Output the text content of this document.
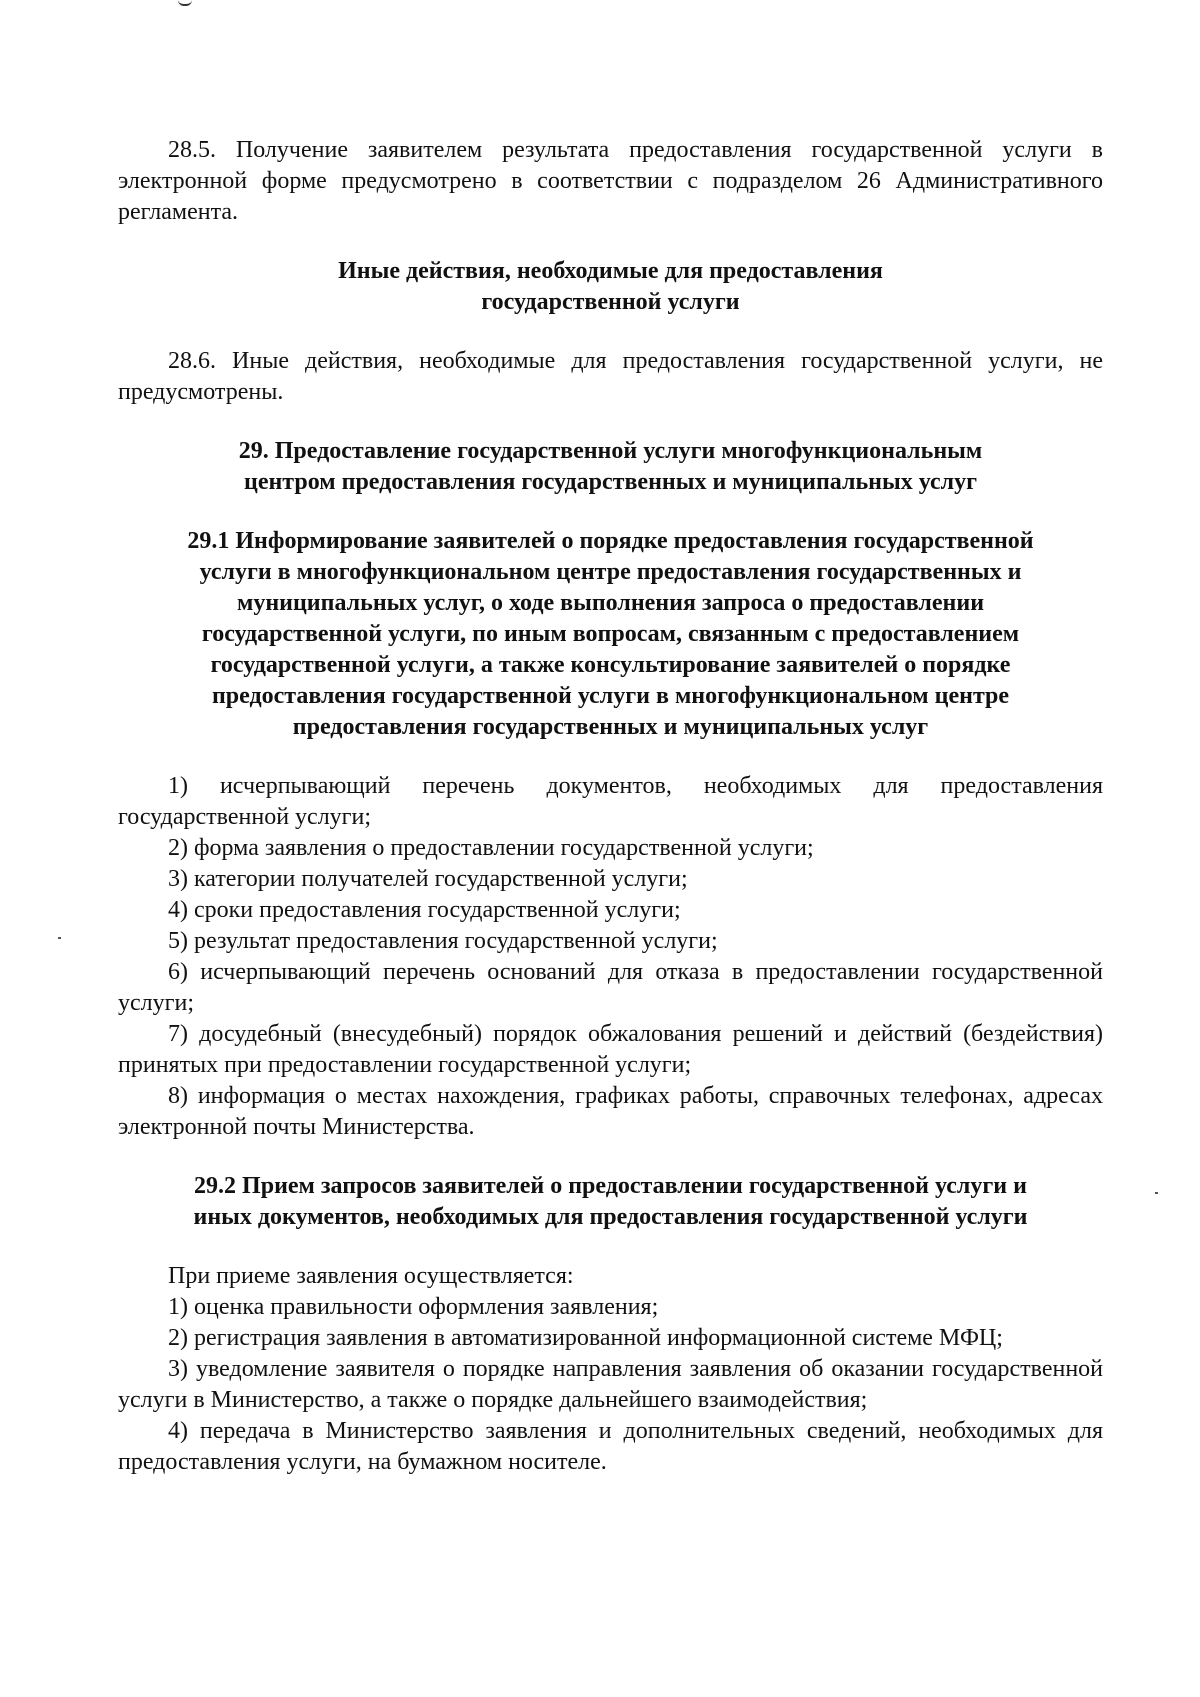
28.5. Получение заявителем результата предоставления государственной услуги в электронной форме предусмотрено в соответствии с подразделом 26 Административного регламента.

Иные действия, необходимые для предоставления
государственной услуги

28.6. Иные действия, необходимые для предоставления государственной услуги, не предусмотрены.

29. Предоставление государственной услуги многофункциональным
центром предоставления государственных и муниципальных услуг
29.1 Информирование заявителей о порядке предоставления государственной
услуги в многофункциональном центре предоставления государственных и
муниципальных услуг, о ходе выполнения запроса о предоставлении
государственной услуги, по иным вопросам, связанным с предоставлением
государственной услуги, а также консультирование заявителей о порядке
предоставления государственной услуги в многофункциональном центре
предоставления государственных и муниципальных услуг

1) исчерпывающий перечень документов, необходимых для предоставления государственной услуги;

2) форма заявления о предоставлении государственной услуги;

3) категории получателей государственной услуги;

4) сроки предоставления государственной услуги;

5) результат предоставления государственной услуги;

6) исчерпывающий перечень оснований для отказа в предоставлении государственной услуги;

7) досудебный (внесудебный) порядок обжалования решений и действий (бездействия) принятых при предоставлении государственной услуги;

8) информация о местах нахождения, графиках работы, справочных телефонах, адресах электронной почты Министерства.

29.2 Прием запросов заявителей о предоставлении государственной услуги и
иных документов, необходимых для предоставления государственной услуги

При приеме заявления осуществляется:

1) оценка правильности оформления заявления;

2) регистрация заявления в автоматизированной информационной системе МФЦ;

3) уведомление заявителя о порядке направления заявления об оказании государственной услуги в Министерство, а также о порядке дальнейшего взаимодействия;

4) передача в Министерство заявления и дополнительных сведений, необходимых для предоставления услуги, на бумажном носителе.
